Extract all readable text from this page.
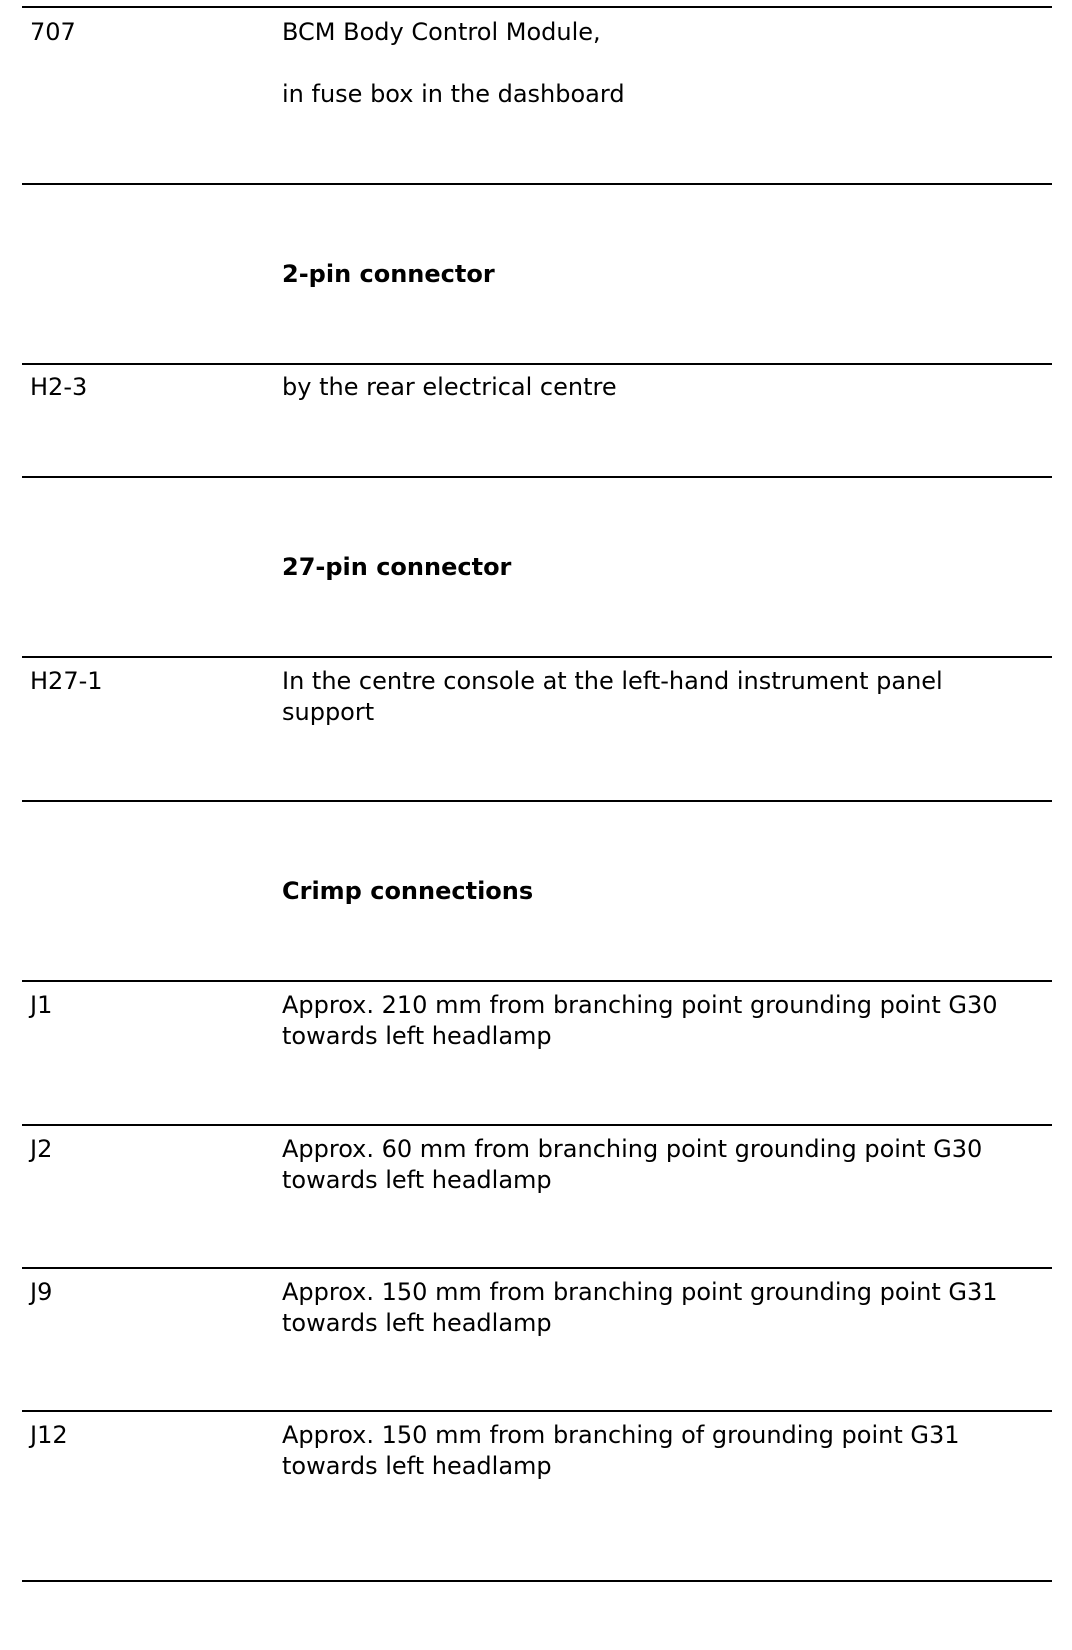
707	BCM Body Control Module,
in fuse box in the dashboard
2-pin connector
H2-3	by the rear electrical centre
27-pin connector
H27-1	In the centre console at the left-hand instrument panel support
Crimp connections
J1	Approx. 210 mm from branching point grounding point G30 towards left headlamp
J2	Approx. 60 mm from branching point grounding point G30 towards left headlamp
J9	Approx. 150 mm from branching point grounding point G31 towards left headlamp
J12	Approx. 150 mm from branching of grounding point G31 towards left headlamp
